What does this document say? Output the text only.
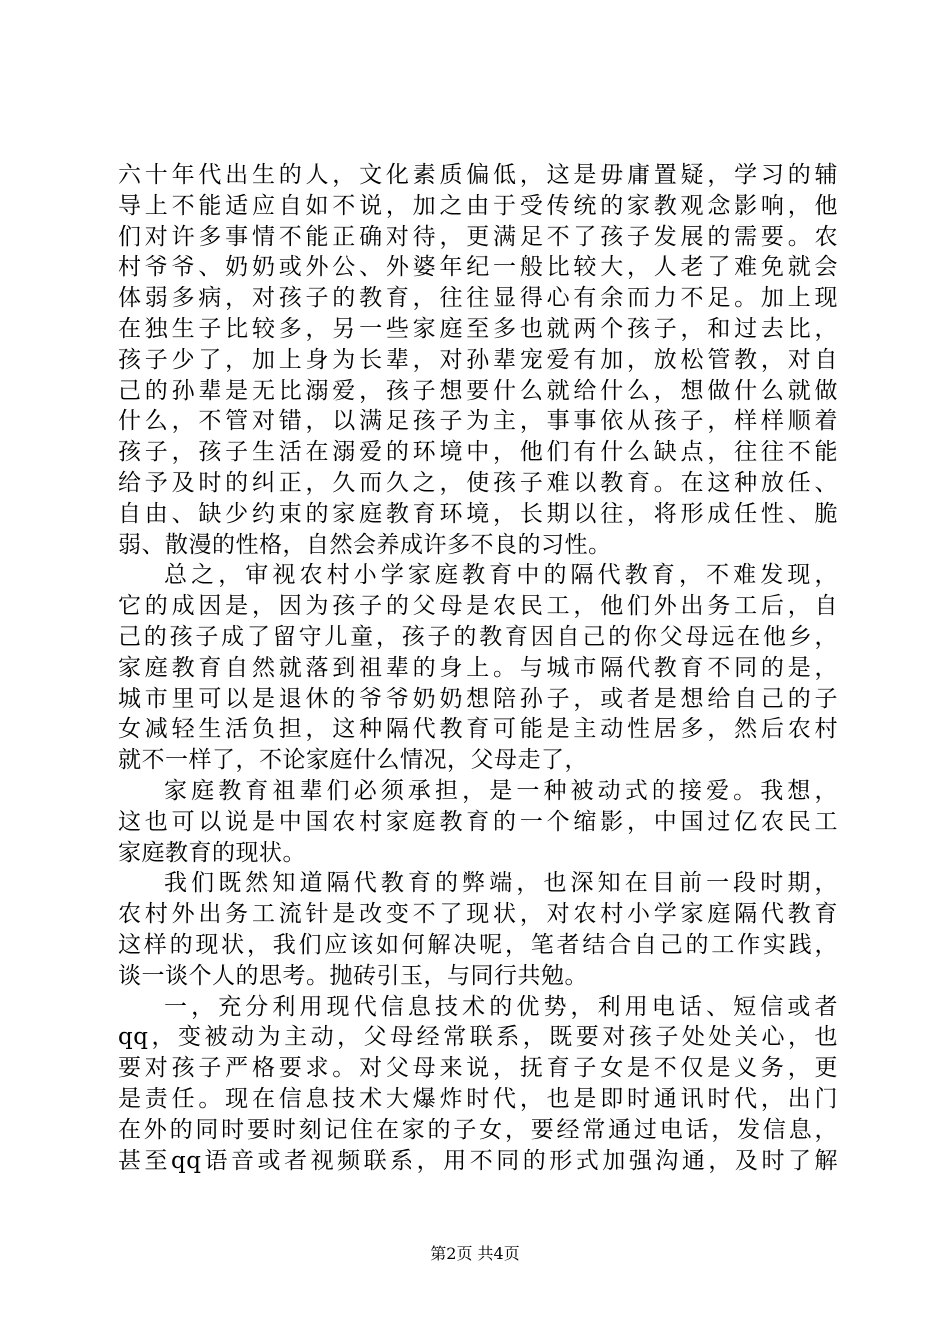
六十年代出生的人，文化素质偏低，这是毋庸置疑，学习的辅
导上不能适应自如不说，加之由于受传统的家教观念影响，他
们对许多事情不能正确对待，更满足不了孩子发展的需要。农
村爷爷、奶奶或外公、外婆年纪一般比较大，人老了难免就会
体弱多病，对孩子的教育，往往显得心有余而力不足。加上现
在独生子比较多，另一些家庭至多也就两个孩子，和过去比，
孩子少了，加上身为长辈，对孙辈宠爱有加，放松管教，对自
己的孙辈是无比溺爱，孩子想要什么就给什么，想做什么就做
什么，不管对错，以满足孩子为主，事事依从孩子，样样顺着
孩子，孩子生活在溺爱的环境中，他们有什么缺点，往往不能
给予及时的纠正，久而久之，使孩子难以教育。在这种放任、
自由、缺少约束的家庭教育环境，长期以往，将形成任性、脆
弱、散漫的性格，自然会养成许多不良的习性。
总之，审视农村小学家庭教育中的隔代教育，不难发现，
它的成因是，因为孩子的父母是农民工，他们外出务工后，自
己的孩子成了留守儿童，孩子的教育因自己的你父母远在他乡，
家庭教育自然就落到祖辈的身上。与城市隔代教育不同的是，
城市里可以是退休的爷爷奶奶想陪孙子，或者是想给自己的子
女减轻生活负担，这种隔代教育可能是主动性居多，然后农村
就不一样了，不论家庭什么情况，父母走了，
家庭教育祖辈们必须承担，是一种被动式的接爱。我想，
这也可以说是中国农村家庭教育的一个缩影，中国过亿农民工
家庭教育的现状。
我们既然知道隔代教育的弊端，也深知在目前一段时期，
农村外出务工流针是改变不了现状，对农村小学家庭隔代教育
这样的现状，我们应该如何解决呢，笔者结合自己的工作实践，
谈一谈个人的思考。抛砖引玉，与同行共勉。
一，充分利用现代信息技术的优势，利用电话、短信或者
qq，变被动为主动，父母经常联系，既要对孩子处处关心，也
要对孩子严格要求。对父母来说，抚育子女是不仅是义务，更
是责任。现在信息技术大爆炸时代，也是即时通讯时代，出门
在外的同时要时刻记住在家的子女，要经常通过电话，发信息，
甚至qq语音或者视频联系，用不同的形式加强沟通，及时了解
第2页 共4页
